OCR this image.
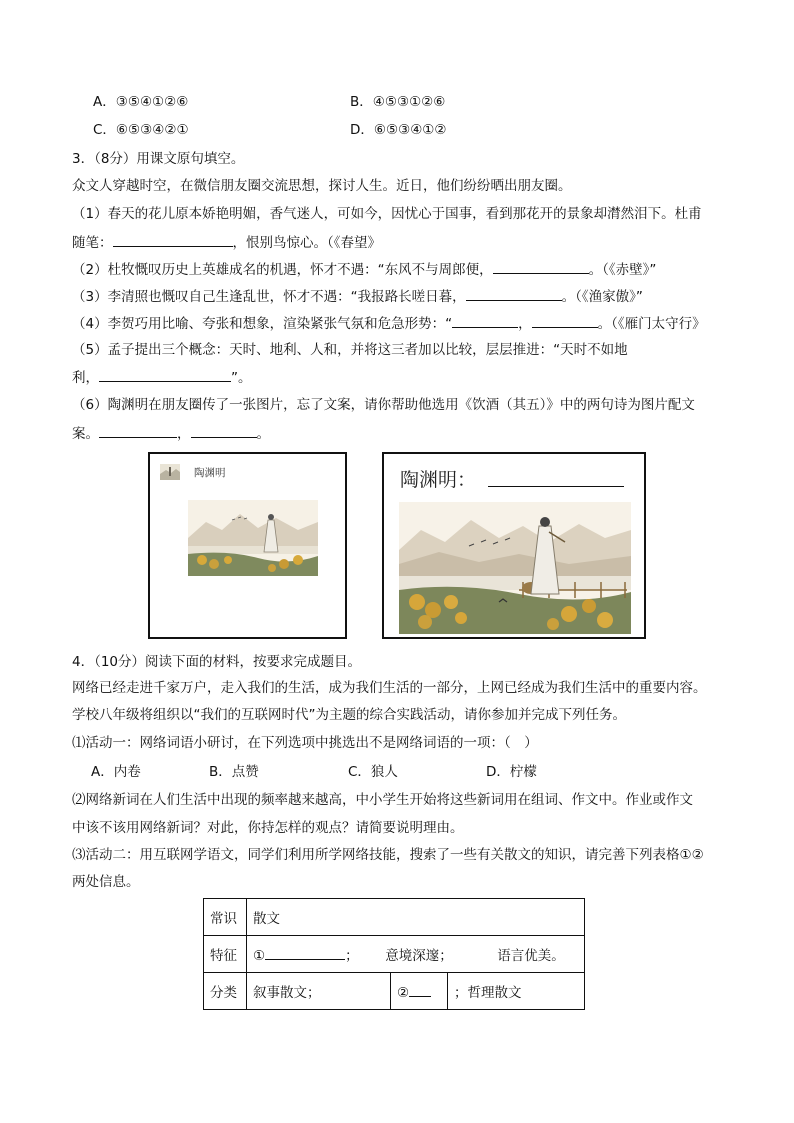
A．③⑤④①②⑥	B．④⑤③①②⑥
C．⑥⑤③④②①	D．⑥⑤③④①②
3．（8分）用课文原句填空。
众文人穿越时空，在微信朋友圈交流思想，探讨人生。近日，他们纷纷晒出朋友圈。
（1）春天的花儿原本娇艳明媚，香气迷人，可如今，因忧心于国事，看到那花开的景象却潸然泪下。杜甫
随笔：	，恨别鸟惊心。（《春望》
（2）杜牧慨叹历史上英雄成名的机遇，怀才不遇：“东风不与周郎便，	。（《赤壁》”
（3）李清照也慨叹自己生逢乱世，怀才不遇：“我报路长嗟日暮，	。（《渔家傲》”
（4）李贺巧用比喻、夸张和想象，渲染紧张气氛和危急形势：“	，	。（《雁门太守行》
（5）孟子提出三个概念：天时、地利、人和，并将这三者加以比较，层层推进：“天时不如地
利，	”。
（6）陶渊明在朋友圈传了一张图片，忘了文案，请你帮助他选用《饮酒（其五）》中的两句诗为图片配文
案。	，	。
陶渊明	陶渊明：
4．（10分）阅读下面的材料，按要求完成题目。
网络已经走进千家万户，走入我们的生活，成为我们生活的一部分，上网已经成为我们生活中的重要内容。
学校八年级将组织以“我们的互联网时代”为主题的综合实践活动，请你参加并完成下列任务。
⑴活动一：网络词语小研讨，在下列选项中挑选出不是网络词语的一项：（　）
A．内卷	B．点赞	C．狼人	D．柠檬
⑵网络新词在人们生活中出现的频率越来越高，中小学生开始将这些新词用在组词、作文中。作业或作文
中该不该用网络新词？对此，你持怎样的观点？请简要说明理由。
⑶活动二：用互联网学语文，同学们利用所学网络技能，搜索了一些有关散文的知识，请完善下列表格①②
两处信息。
常识	散文		
特征	① ； 意境深邃； 语言优美。		
分类	叙事散文；	②	；哲理散文
